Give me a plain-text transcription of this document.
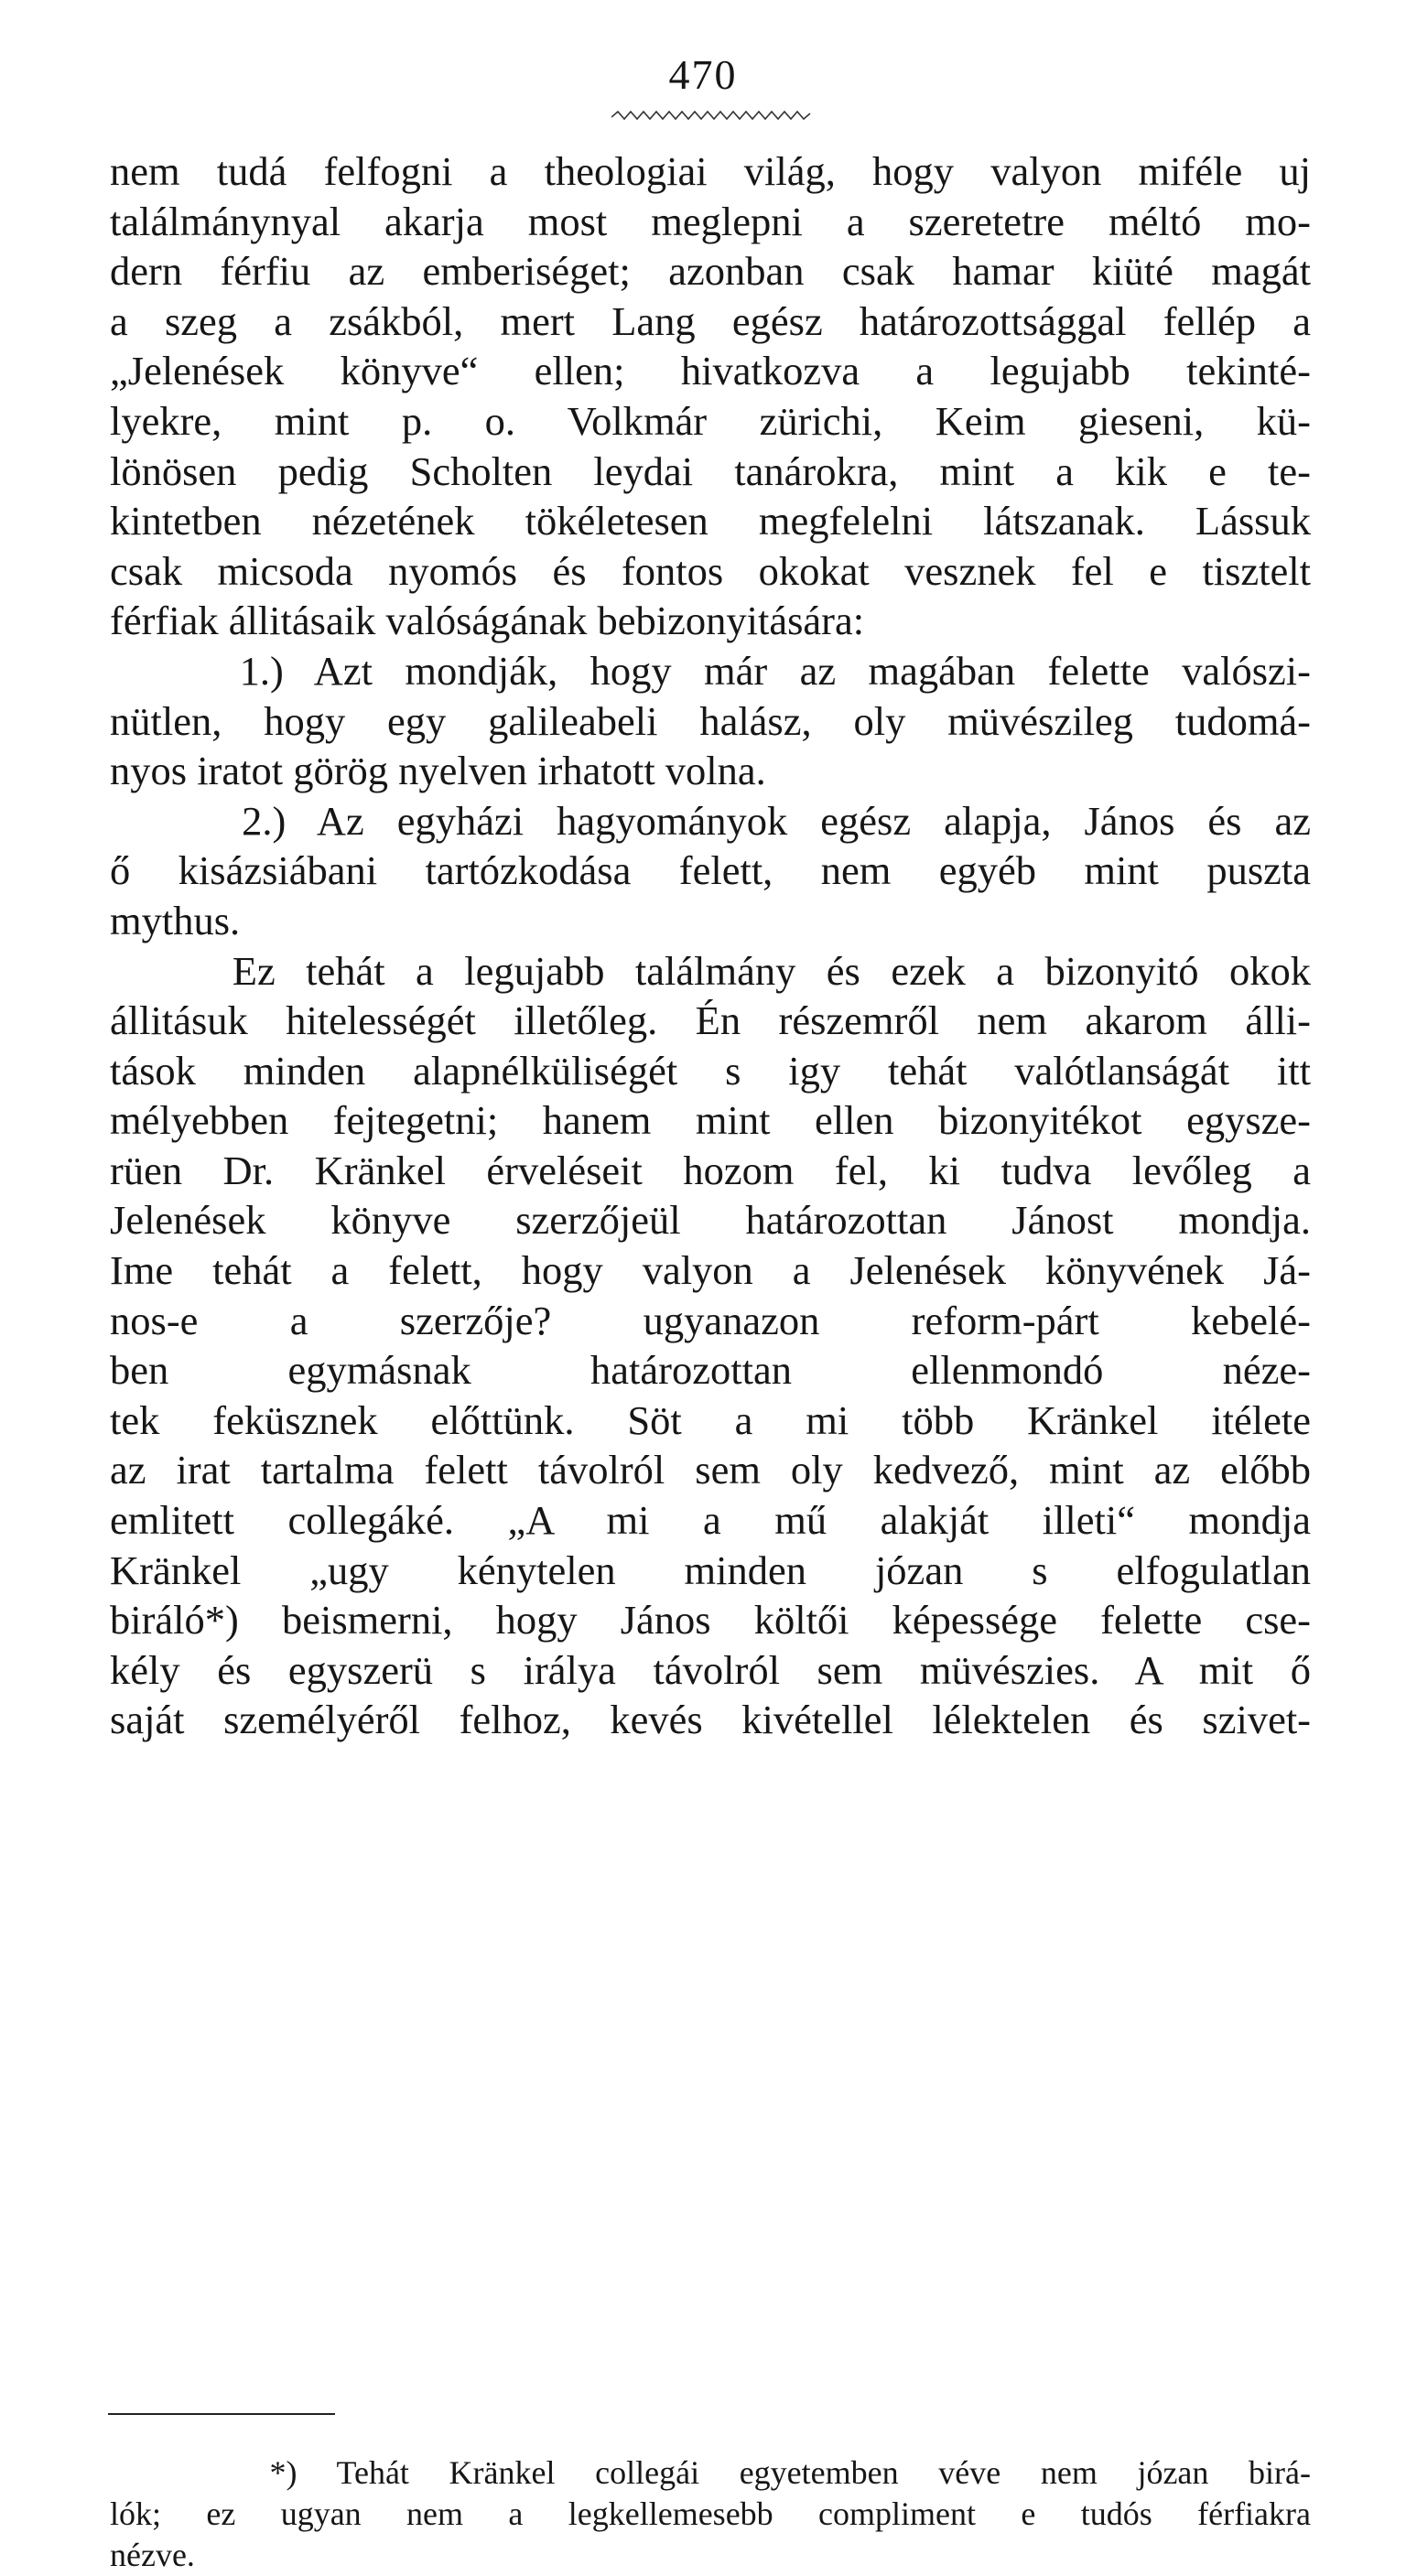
470
nem tudá felfogni a theologiai világ, hogy valyon miféle uj
találmánynyal akarja most meglepni a szeretetre méltó mo-
dern férfiu az emberiséget; azonban csak hamar kiüté magát
a szeg a zsákból, mert Lang egész határozottsággal fellép a
„Jelenések könyve“ ellen; hivatkozva a legujabb tekinté-
lyekre, mint p. o. Volkmár zürichi, Keim gieseni, kü-
lönösen pedig Scholten leydai tanárokra, mint a kik e te-
kintetben nézetének tökéletesen megfelelni látszanak. Lássuk
csak micsoda nyomós és fontos okokat vesznek fel e tisztelt
férfiak állitásaik valóságának bebizonyitására:
1.) Azt mondják, hogy már az magában felette valószi-
nütlen, hogy egy galileabeli halász, oly müvészileg tudomá-
nyos iratot görög nyelven irhatott volna.
2.) Az egyházi hagyományok egész alapja, János és az
ő kisázsiábani tartózkodása felett, nem egyéb mint puszta
mythus.
Ez tehát a legujabb találmány és ezek a bizonyitó okok
állitásuk hitelességét illetőleg. Én részemről nem akarom álli-
tások minden alapnélküliségét s igy tehát valótlanságát itt
mélyebben fejtegetni; hanem mint ellen bizonyitékot egysze-
rüen Dr. Kränkel érveléseit hozom fel, ki tudva levőleg a
Jelenések könyve szerzőjeül határozottan Jánost mondja.
Ime tehát a felett, hogy valyon a Jelenések könyvének Já-
nos-e a szerzője? ugyanazon reform-párt kebelé-
ben egymásnak határozottan ellenmondó néze-
tek feküsznek előttünk. Söt a mi több Kränkel itélete
az irat tartalma felett távolról sem oly kedvező, mint az előbb
emlitett collegáké. „A mi a mű alakját illeti“ mondja
Kränkel „ugy kénytelen minden józan s elfogulatlan
biráló*) beismerni, hogy János költői képessége felette cse-
kély és egyszerü s irálya távolról sem müvészies. A mit ő
saját személyéről felhoz, kevés kivétellel lélektelen és szivet-
*) Tehát Kränkel collegái egyetemben véve nem józan birá-
lók; ez ugyan nem a legkellemesebb compliment e tudós férfiakra
nézve.
